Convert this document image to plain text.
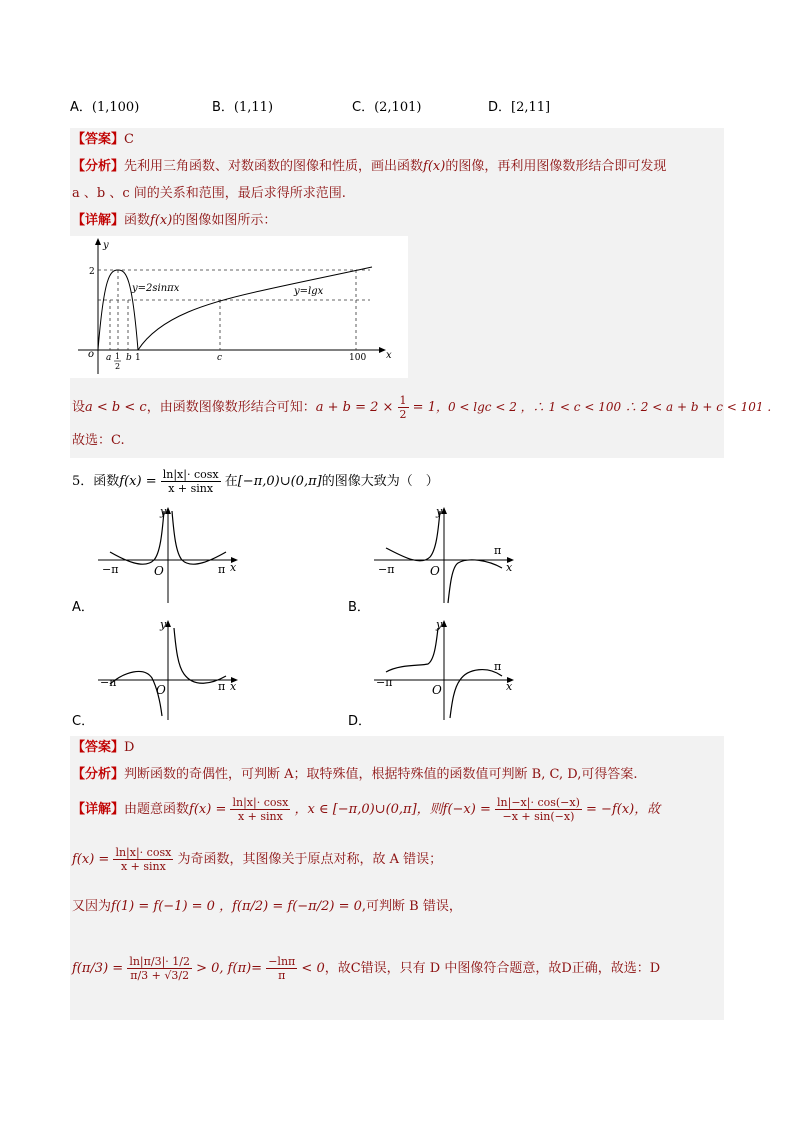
A．(1,100)	B．(1,11)	C．(2,101)	D．[2,11]
【答案】C
【分析】先利用三角函数、对数函数的图像和性质，画出函数f(x)的图像，再利用图像数形结合即可发现
a 、b 、c 间的关系和范围，最后求得所求范围.
【详解】函数f(x)的图像如图所示：
y
x
o
2
a 1
2
b 1	c	100
y=2sinπx	y=lgx
设a < b < c，由函数图像数形结合可知：$a + b = 2 \times \frac{1}{2} = 1$，0 < lgc < 2 ，∴ 1 < c < 100 ∴ 2 < a + b + c < 101 .
故选：C.
5．函数$f(x) = \frac{\ln|x|\cdot \cos x}{x + \sin x}$ 在[−π,0)∪(0,π]的图像大致为（　）
y
x
O
−π	π
A．
y
x
O
−π
π
B．
y
x
O
−π	π
C．
y
x
O
−π
π
D．
【答案】D
【分析】判断函数的奇偶性，可判断 A；取特殊值，根据特殊值的函数值可判断 B, C, D,可得答案.
【详解】由题意函数$f(x) = \frac{\ln|x|\cdot \cos x}{x + \sin x}$ ，x ∈ [−π,0)∪(0,π]，则$f(-x) = \frac{\ln|-x|\cdot \cos(-x)}{-x + \sin(-x)} = -f(x)$，故
$f(x) = \frac{\ln|x|\cdot \cos x}{x + \sin x}$ 为奇函数，其图像关于原点对称，故 A 错误；
又因为f(1) = f(−1) = 0 ，f(π/2) = f(−π/2) = 0,可判断 B 错误，
$f(\pi/3) = \frac{\ln|\pi/3|\cdot 1/2}{\pi/3 + √3/2} > 0$, $f(\pi)= \frac{-\ln\pi}{\pi} < 0$，故C错误，只有 D 中图像符合题意，故D正确，故选：D
